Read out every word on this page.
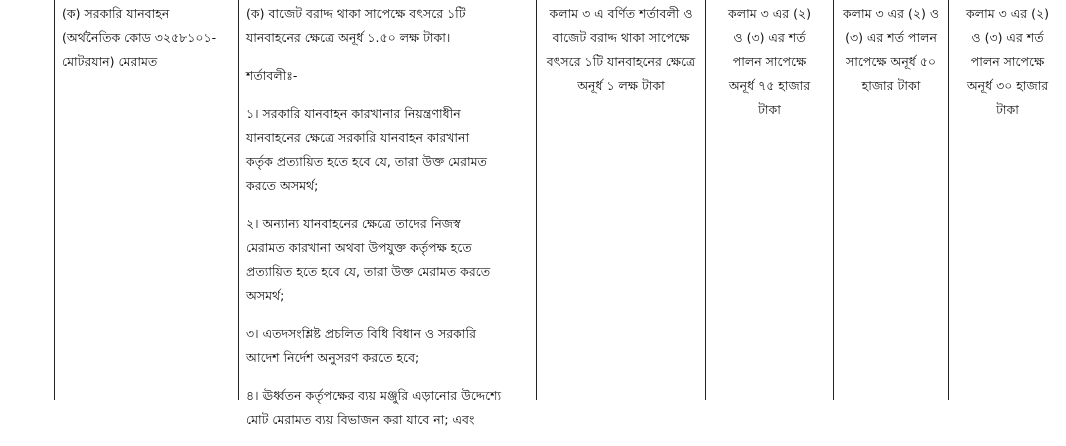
(ক) সরকারি যানবাহন

(অর্থনৈতিক কোড ৩২৫৮১০১-

মোটরযান) মেরামত

(ক) বাজেট বরাদ্দ থাকা সাপেক্ষে বৎসরে ১টি

যানবাহনের ক্ষেত্রে অনূর্ধ ১.৫০ লক্ষ টাকা।

শর্তাবলীঃ-

১। সরকারি যানবাহন কারখানার নিয়ন্ত্রণাধীন

যানবাহনের ক্ষেত্রে সরকারি যানবাহন কারখানা

কর্তৃক প্রত্যায়িত হতে হবে যে, তারা উক্ত মেরামত

করতে অসমর্থ;

২। অন্যান্য যানবাহনের ক্ষেত্রে তাদের নিজস্ব

মেরামত কারখানা অথবা উপযুক্ত কর্তৃপক্ষ হতে

প্রত্যায়িত হতে হবে যে, তারা উক্ত মেরামত করতে

অসমর্থ;

৩। এতদসংশ্লিষ্ট প্রচলিত বিধি বিধান ও সরকারি

আদেশ নির্দেশ অনুসরণ করতে হবে;

৪। ঊর্ধ্বতন কর্তৃপক্ষের ব্যয় মঞ্জুরি এড়ানোর উদ্দেশ্যে

মোট মেরামত ব্যয় বিভাজন করা যাবে না; এবং

কলাম ৩ এ বর্ণিত শর্তাবলী ও

বাজেট বরাদ্দ থাকা সাপেক্ষে

বৎসরে ১টি যানবাহনের ক্ষেত্রে

অনূর্ধ ১ লক্ষ টাকা

কলাম ৩ এর (২)

ও (৩) এর শর্ত

পালন সাপেক্ষে

অনূর্ধ ৭৫ হাজার

টাকা

কলাম ৩ এর (২) ও

(৩) এর শর্ত পালন

সাপেক্ষে অনূর্ধ ৫০

হাজার টাকা

কলাম ৩ এর (২)

ও (৩) এর শর্ত

পালন সাপেক্ষে

অনূর্ধ ৩০ হাজার

টাকা
